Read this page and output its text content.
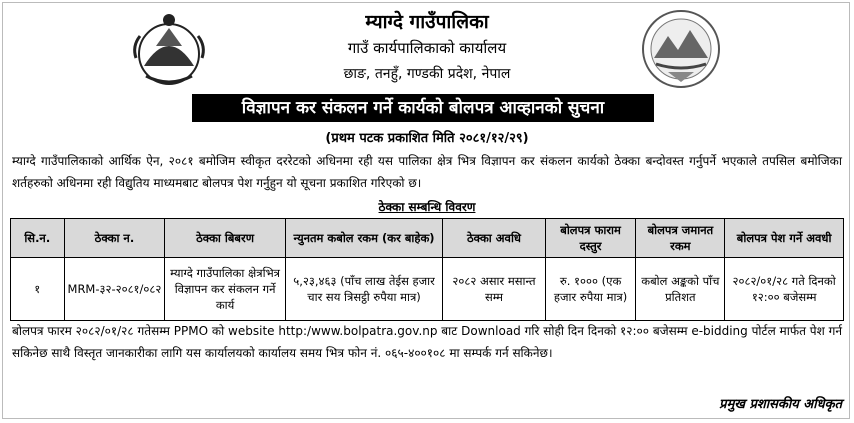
म्याग्दे गाउँपालिका
गाउँ कार्यपालिकाको कार्यालय
छाङ, तनहुँ, गण्डकी प्रदेश, नेपाल
विज्ञापन कर संकलन गर्ने कार्यको बोलपत्र आव्हानको सुचना
(प्रथम पटक प्रकाशित मिति २०८१/१२/२९)
म्याग्दे गाउँपालिकाको आर्थिक ऐन, २०८१ बमोजिम स्वीकृत दररेटको अधिनमा रही यस पालिका क्षेत्र भित्र विज्ञापन कर संकलन कार्यको ठेक्का बन्दोवस्त गर्नुपर्ने भएकाले तपसिल बमोजिका शर्तहरुको अधिनमा रही विद्युतिय माध्यमबाट बोलपत्र पेश गर्नुहुन यो सूचना प्रकाशित गरिएको छ।
ठेक्का सम्बन्धि विवरण
सि.न.	ठेक्का न.	ठेक्का बिबरण	न्युनतम कबोल रकम (कर बाहेक)	ठेक्का अवधि	बोलपत्र फाराम दस्तुर	बोलपत्र जमानत रकम	बोलपत्र पेश गर्ने अवधी
१	MRM-३२-२०८१/०८२	म्याग्दे गाउँपालिका क्षेत्रभित्र विज्ञापन कर संकलन गर्ने कार्य	५,२३,४६३ (पाँच लाख तेईस हजार चार सय त्रिसट्ठी रुपैया मात्र)	२०८२ असार मसान्त सम्म	रु. १००० (एक हजार रुपैया मात्र)	कबोल अङ्कको पाँच प्रतिशत	२०८२/०१/२८ गते दिनको १२:०० बजेसम्म
बोलपत्र फारम २०८२/०१/२८ गतेसम्म PPMO को website http:/www.bolpatra.gov.np बाट Download गरि सोही दिन दिनको १२:०० बजेसम्म e-bidding पोर्टल मार्फत पेश गर्न सकिनेछ साथै विस्तृत जानकारीका लागि यस कार्यालयको कार्यालय समय भित्र फोन नं. ०६५-४००१०८ मा सम्पर्क गर्न सकिनेछ।
प्रमुख प्रशासकीय अधिकृत
